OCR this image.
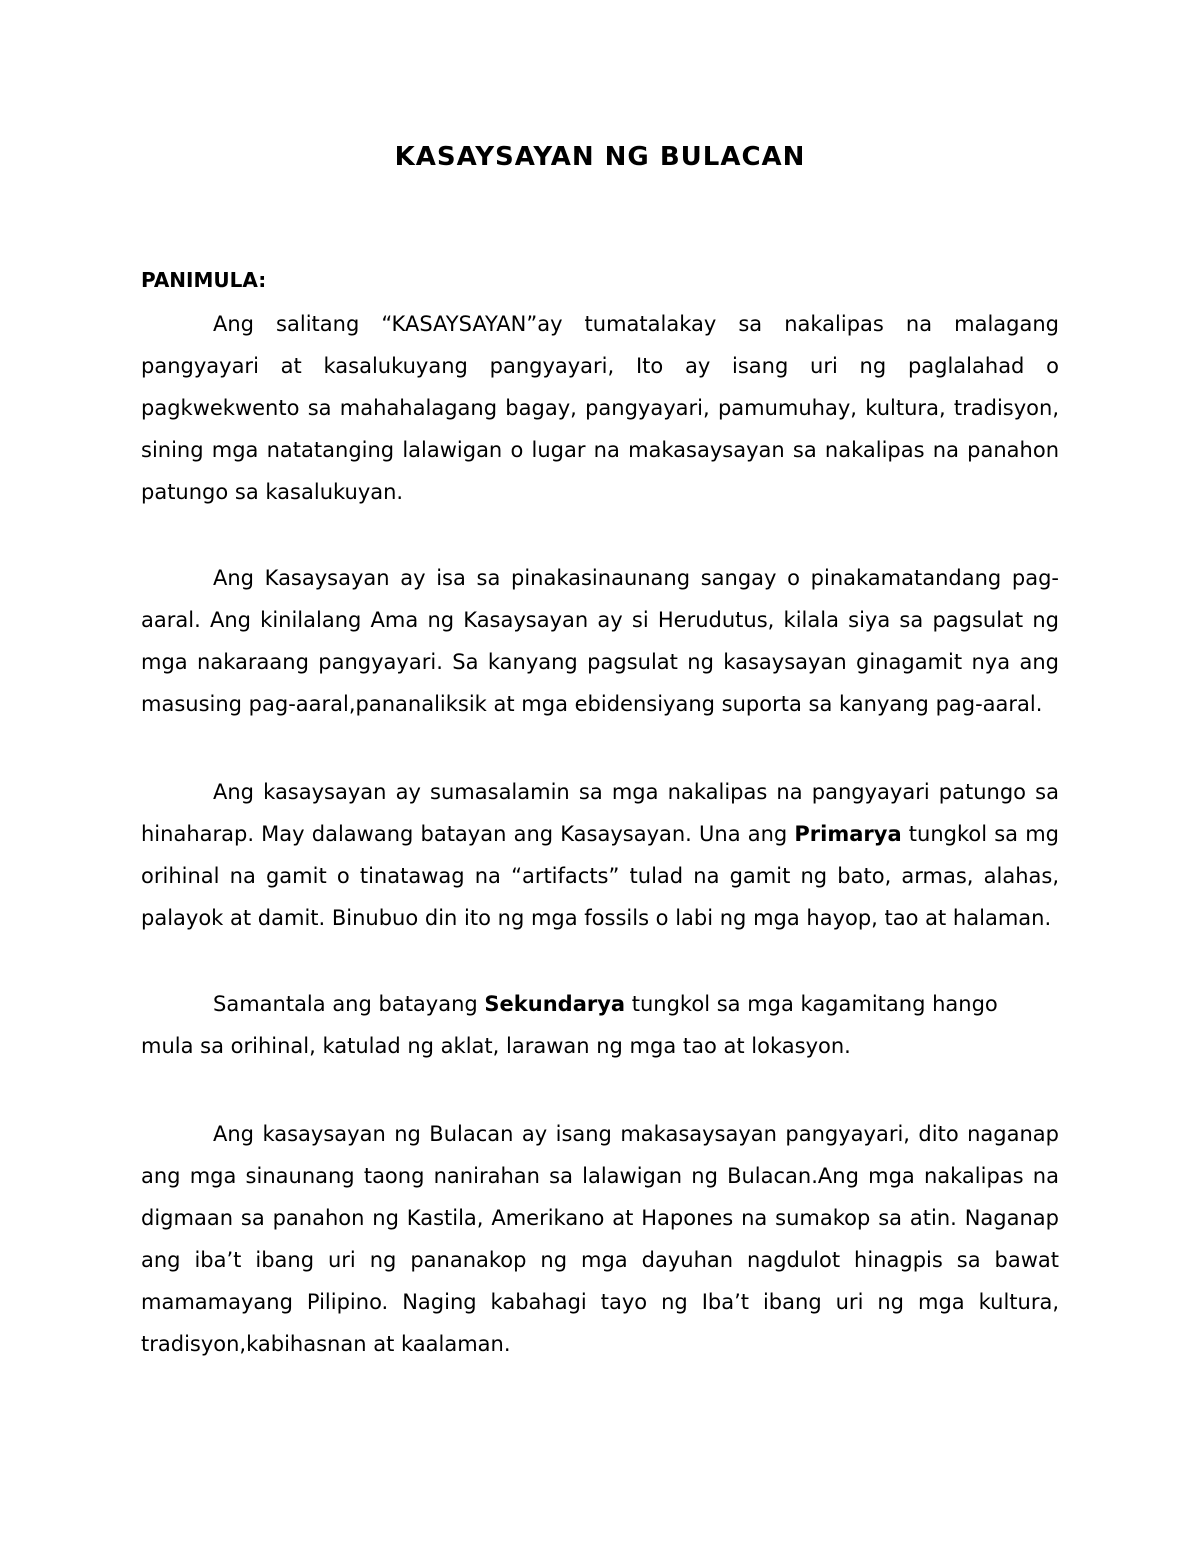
KASAYSAYAN NG BULACAN
PANIMULA:

Ang salitang “KASAYSAYAN”ay tumatalakay sa nakalipas na malagang pangyayari at kasalukuyang pangyayari, Ito ay isang uri ng paglalahad o pagkwekwento sa mahahalagang bagay, pangyayari, pamumuhay, kultura, tradisyon, sining mga natatanging lalawigan o lugar na makasaysayan sa nakalipas na panahon patungo sa kasalukuyan.

Ang Kasaysayan ay isa sa pinakasinaunang sangay o pinakamatandang pag-aaral. Ang kinilalang Ama ng Kasaysayan ay si Herudutus, kilala siya sa pagsulat ng mga nakaraang pangyayari. Sa kanyang pagsulat ng kasaysayan ginagamit nya ang masusing pag-aaral,pananaliksik at mga ebidensiyang suporta sa kanyang pag-aaral.

Ang kasaysayan ay sumasalamin sa mga nakalipas na pangyayari patungo sa hinaharap. May dalawang batayan ang Kasaysayan. Una ang Primarya tungkol sa mg orihinal na gamit o tinatawag na “artifacts” tulad na gamit ng bato, armas, alahas, palayok at damit. Binubuo din ito ng mga fossils o labi ng mga hayop, tao at halaman.

Samantala ang batayang Sekundarya tungkol sa mga kagamitang hango mula sa orihinal, katulad ng aklat, larawan ng mga tao at lokasyon.

Ang kasaysayan ng Bulacan ay isang makasaysayan pangyayari, dito naganap ang mga sinaunang taong nanirahan sa lalawigan ng Bulacan.Ang mga nakalipas na digmaan sa panahon ng Kastila, Amerikano at Hapones na sumakop sa atin. Naganap ang iba’t ibang uri ng pananakop ng mga dayuhan nagdulot hinagpis sa bawat mamamayang Pilipino. Naging kabahagi tayo ng Iba’t ibang uri ng mga kultura, tradisyon,kabihasnan at kaalaman.
